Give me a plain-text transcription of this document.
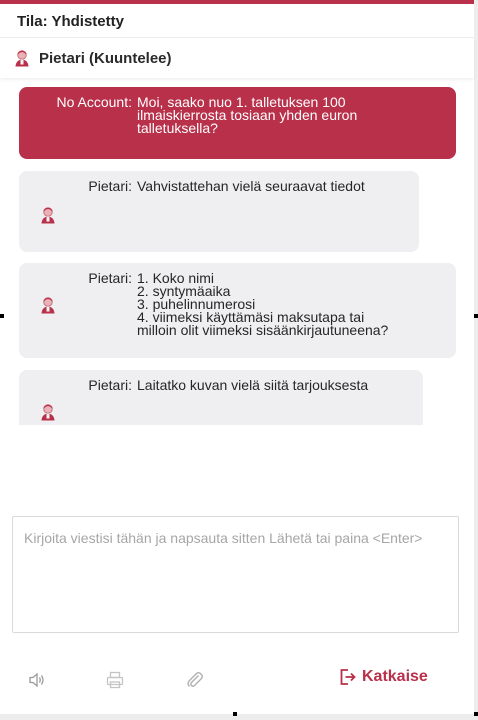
Tila: Yhdistetty
Pietari (Kuuntelee)
No Account: Moi, saako nuo 1. talletuksen 100
ilmaiskierrosta tosiaan yhden euron
talletuksella?
Pietari: Vahvistattehan vielä seuraavat tiedot
Pietari: 1. Koko nimi
2. syntymäaika
3. puhelinnumerosi
4. viimeksi käyttämäsi maksutapa tai
milloin olit viimeksi sisäänkirjautuneena?
Pietari: Laitatko kuvan vielä siitä tarjouksesta
Kirjoita viestisi tähän ja napsauta sitten Lähetä tai paina <Enter>
Katkaise
